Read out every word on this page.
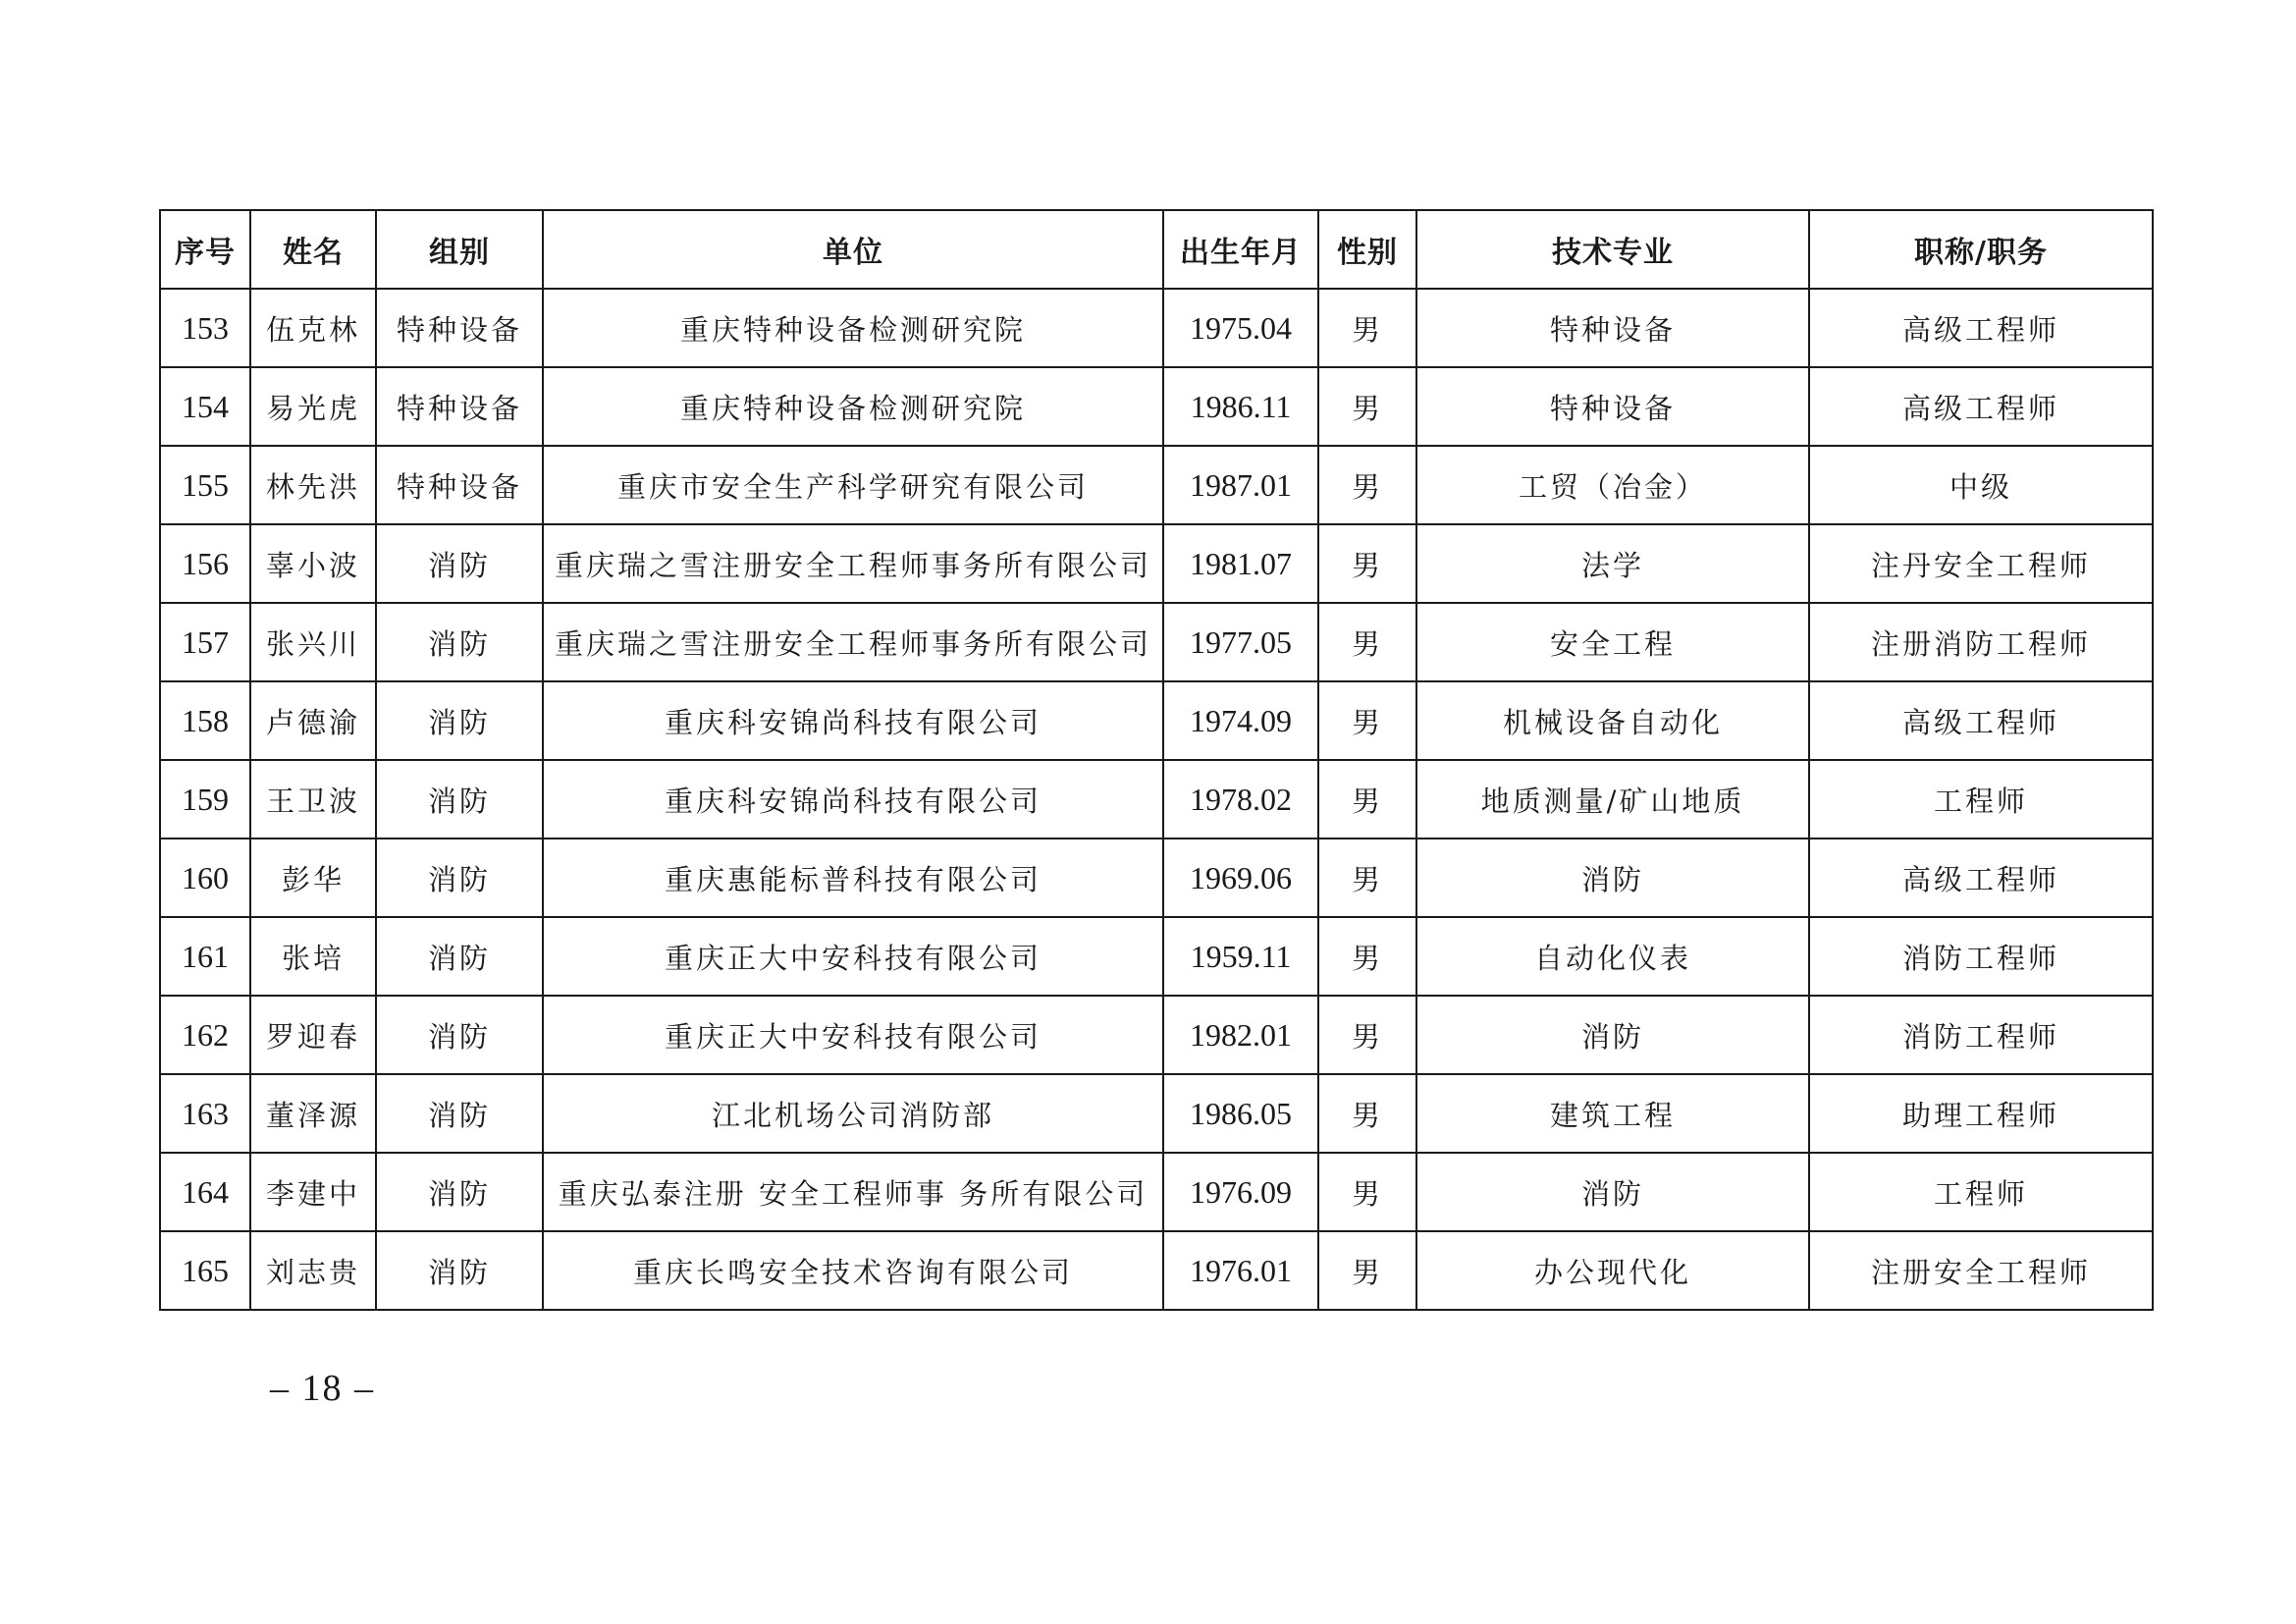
序号	姓名	组别	单位	出生年月	性别	技术专业	职称/职务
153	伍克林	特种设备	重庆特种设备检测研究院	1975.04	男	特种设备	高级工程师
154	易光虎	特种设备	重庆特种设备检测研究院	1986.11	男	特种设备	高级工程师
155	林先洪	特种设备	重庆市安全生产科学研究有限公司	1987.01	男	工贸（冶金）	中级
156	辜小波	消防	重庆瑞之雪注册安全工程师事务所有限公司	1981.07	男	法学	注丹安全工程师
157	张兴川	消防	重庆瑞之雪注册安全工程师事务所有限公司	1977.05	男	安全工程	注册消防工程师
158	卢德渝	消防	重庆科安锦尚科技有限公司	1974.09	男	机械设备自动化	高级工程师
159	王卫波	消防	重庆科安锦尚科技有限公司	1978.02	男	地质测量/矿山地质	工程师
160	彭华	消防	重庆惠能标普科技有限公司	1969.06	男	消防	高级工程师
161	张培	消防	重庆正大中安科技有限公司	1959.11	男	自动化仪表	消防工程师
162	罗迎春	消防	重庆正大中安科技有限公司	1982.01	男	消防	消防工程师
163	董泽源	消防	江北机场公司消防部	1986.05	男	建筑工程	助理工程师
164	李建中	消防	重庆弘泰注册 安全工程师事 务所有限公司	1976.09	男	消防	工程师
165	刘志贵	消防	重庆长鸣安全技术咨询有限公司	1976.01	男	办公现代化	注册安全工程师
– 18 –
